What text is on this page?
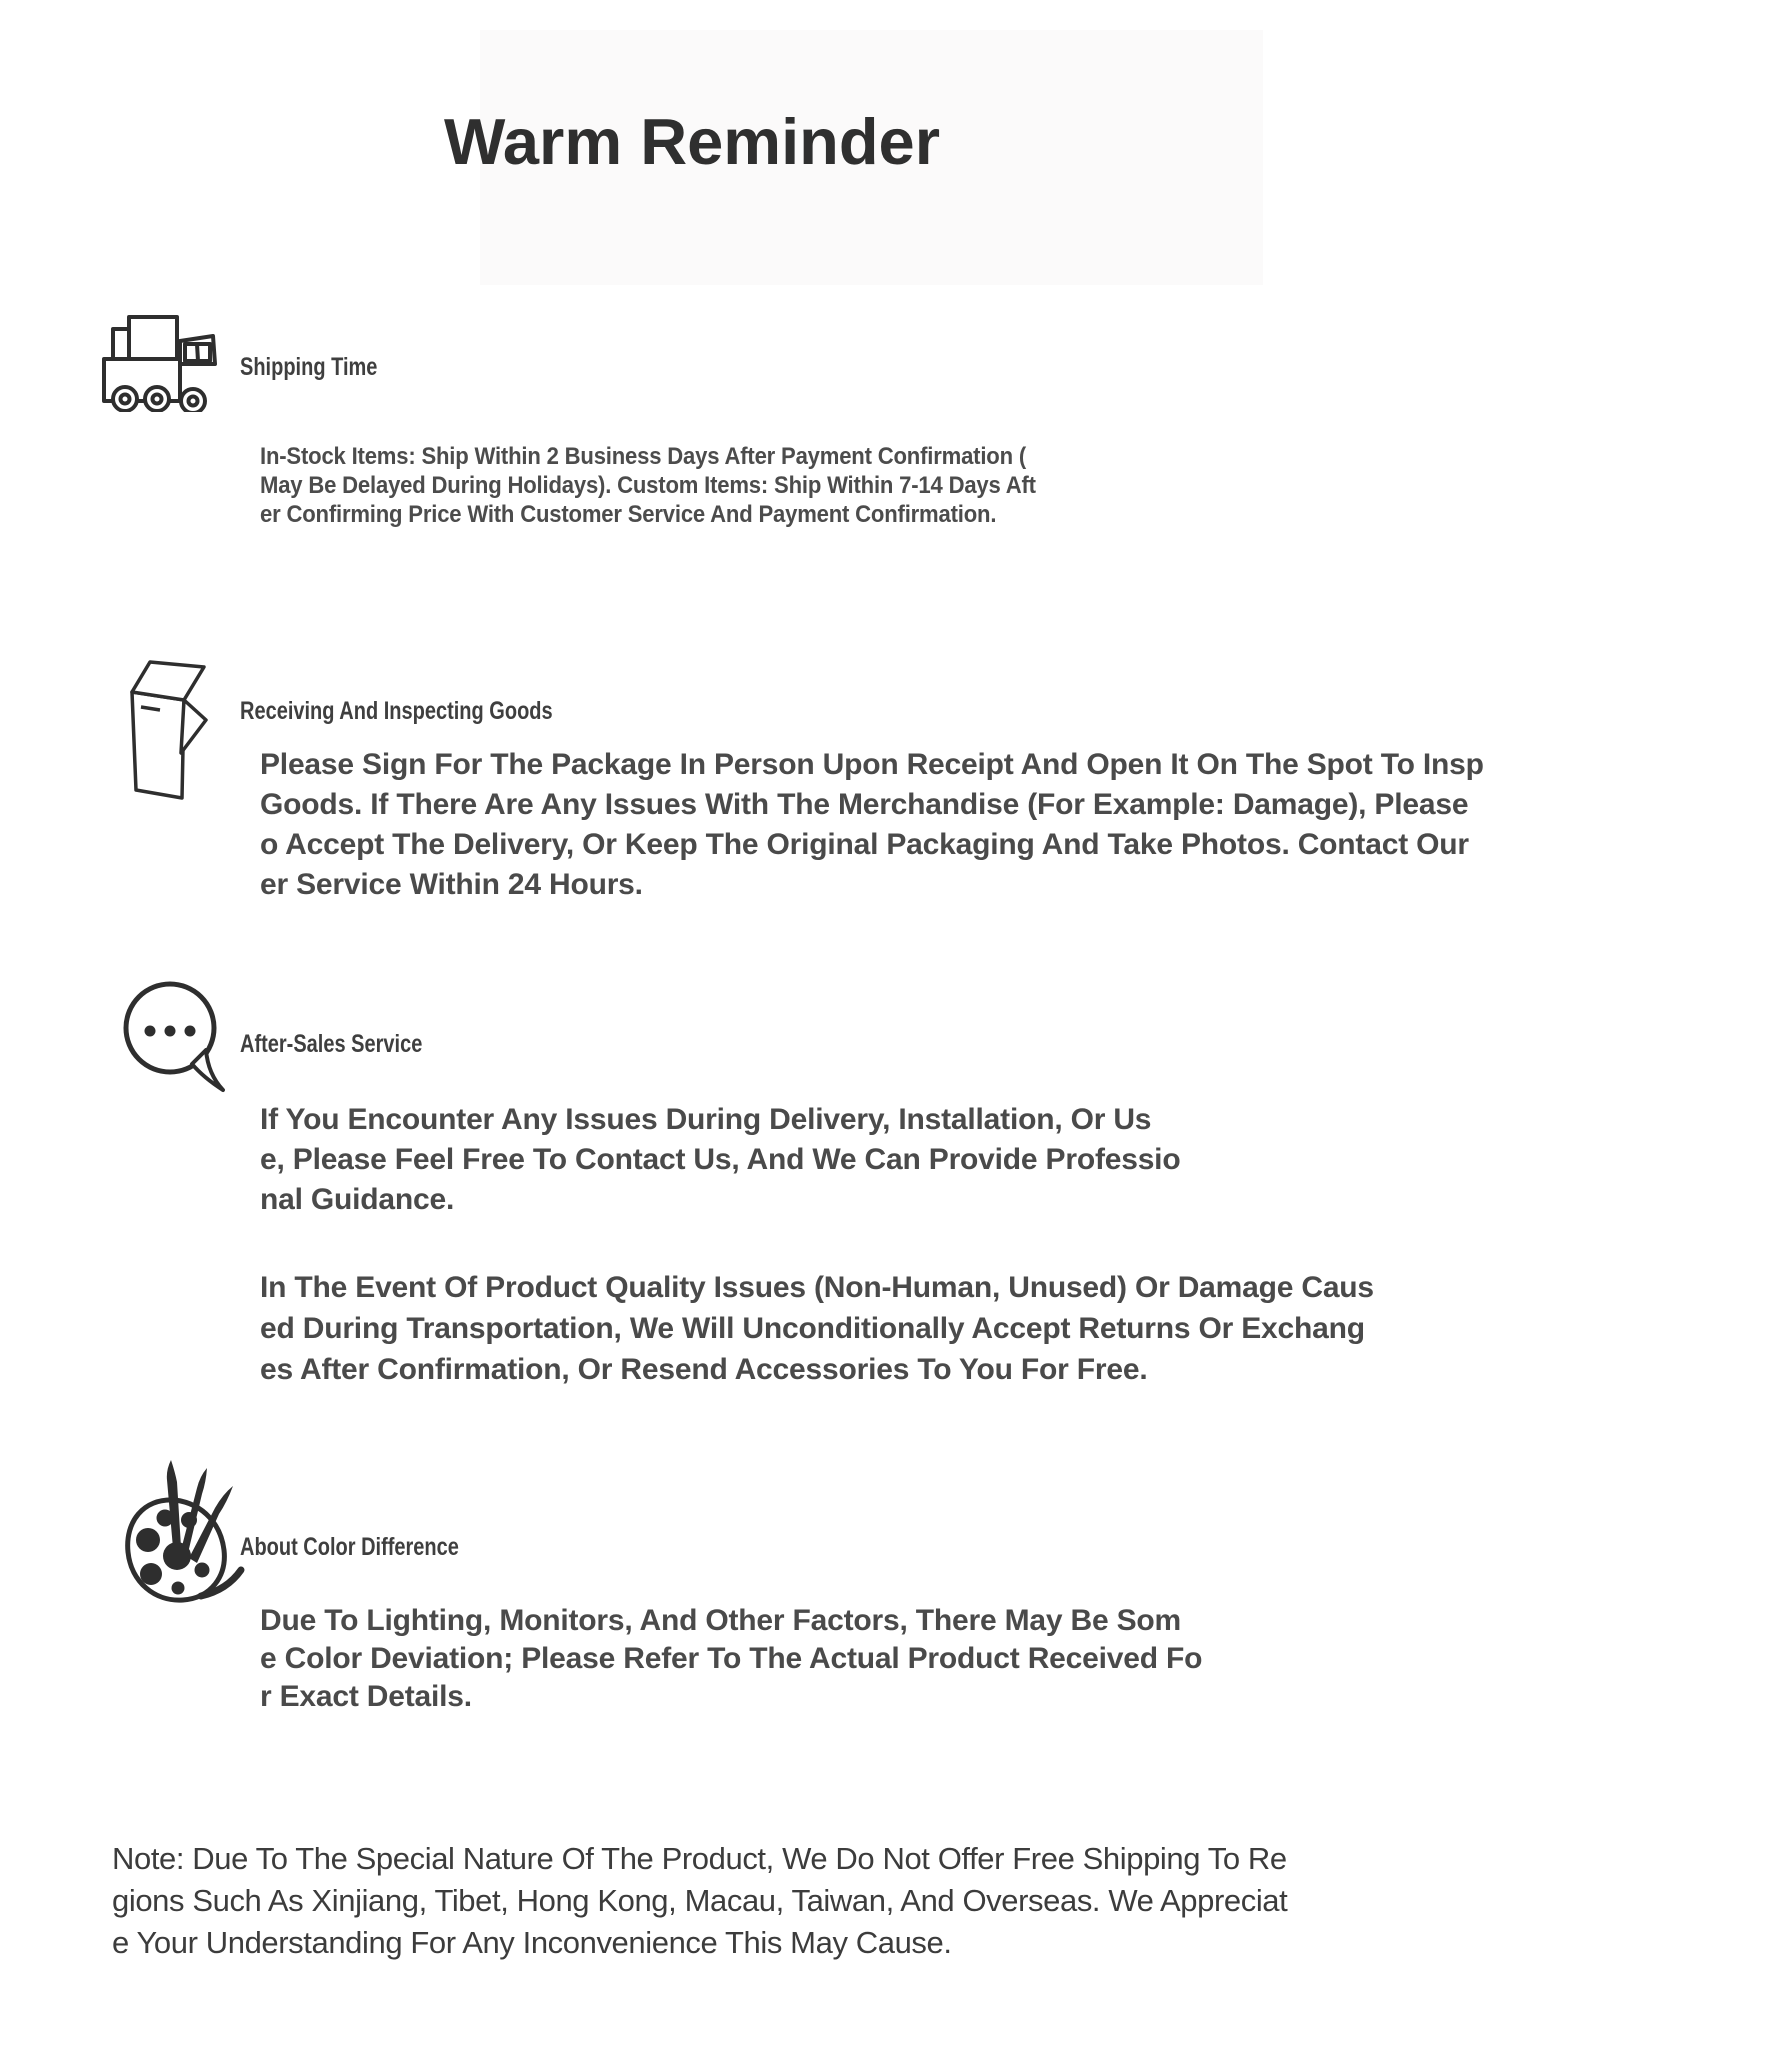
Warm Reminder
Shipping Time
In-Stock Items: Ship Within 2 Business Days After Payment Confirmation (
May Be Delayed During Holidays). Custom Items: Ship Within 7-14 Days Aft
er Confirming Price With Customer Service And Payment Confirmation.
Receiving And Inspecting Goods
Please Sign For The Package In Person Upon Receipt And Open It On The Spot To Insp
Goods. If There Are Any Issues With The Merchandise (For Example: Damage), Please
o Accept The Delivery, Or Keep The Original Packaging And Take Photos. Contact Our
er Service Within 24 Hours.
After-Sales Service
If You Encounter Any Issues During Delivery, Installation, Or Us
e, Please Feel Free To Contact Us, And We Can Provide Professio
nal Guidance.
In The Event Of Product Quality Issues (Non-Human, Unused) Or Damage Caus
ed During Transportation, We Will Unconditionally Accept Returns Or Exchang
es After Confirmation, Or Resend Accessories To You For Free.
About Color Difference
Due To Lighting, Monitors, And Other Factors, There May Be Som
e Color Deviation; Please Refer To The Actual Product Received Fo
r Exact Details.
Note: Due To The Special Nature Of The Product, We Do Not Offer Free Shipping To Re
gions Such As Xinjiang, Tibet, Hong Kong, Macau, Taiwan, And Overseas. We Appreciat
e Your Understanding For Any Inconvenience This May Cause.
